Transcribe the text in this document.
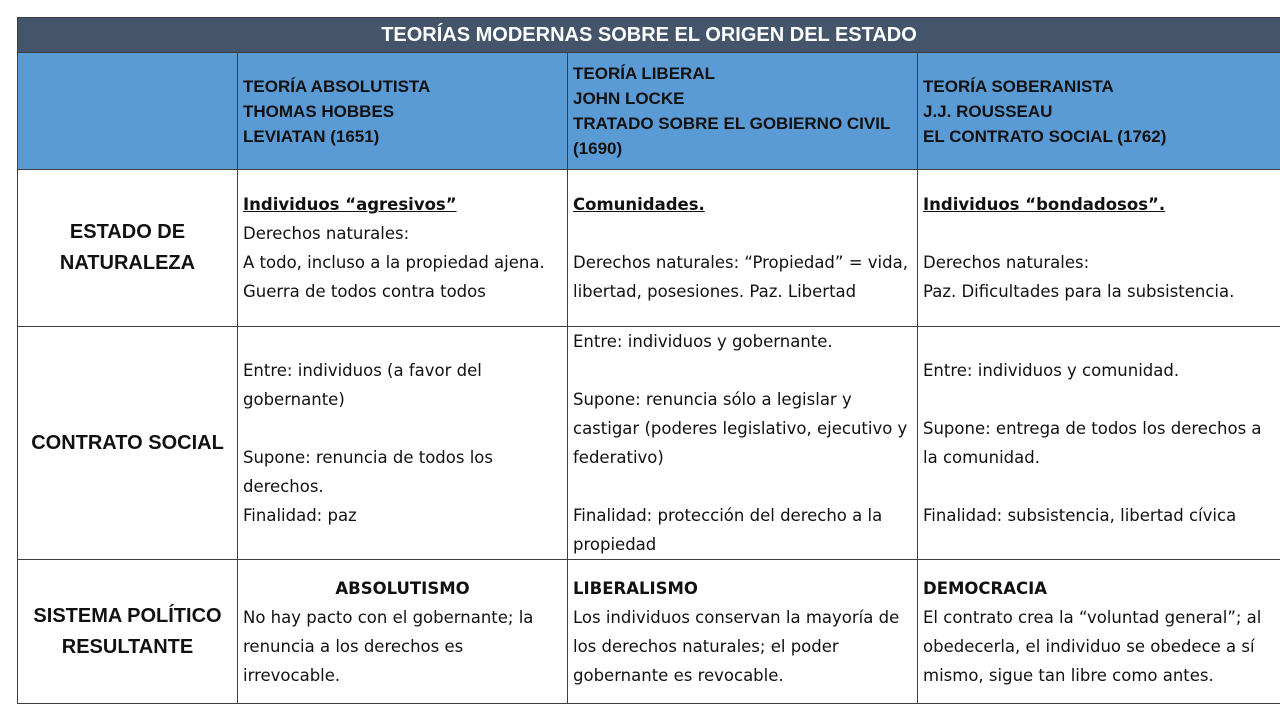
TEORÍAS MODERNAS SOBRE EL ORIGEN DEL ESTADO			

	TEORÍA ABSOLUTISTA
THOMAS HOBBES
LEVIATAN (1651)	TEORÍA LIBERAL
JOHN LOCKE
TRATADO SOBRE EL GOBIERNO CIVIL (1690)	TEORÍA SOBERANISTA
J.J. ROUSSEAU
EL CONTRATO SOCIAL (1762)

ESTADO DE NATURALEZA	Individuos “agresivos”
Derechos naturales:
A todo, incluso a la propiedad ajena.
Guerra de todos contra todos	Comunidades.
Derechos naturales: “Propiedad” = vida, libertad, posesiones. Paz. Libertad	Individuos “bondadosos”.
Derechos naturales:
Paz. Dificultades para la subsistencia.

CONTRATO SOCIAL	Entre: individuos (a favor del gobernante)
Supone: renuncia de todos los derechos.
Finalidad: paz	Entre: individuos y gobernante.
Supone: renuncia sólo a legislar y castigar (poderes legislativo, ejecutivo y federativo)
Finalidad: protección del derecho a la propiedad	Entre: individuos y comunidad.
Supone: entrega de todos los derechos a la comunidad.
Finalidad: subsistencia, libertad cívica

SISTEMA POLÍTICO RESULTANTE	ABSOLUTISMO
No hay pacto con el gobernante; la renuncia a los derechos es irrevocable.	LIBERALISMO
Los individuos conservan la mayoría de los derechos naturales; el poder gobernante es revocable.	DEMOCRACIA
El contrato crea la “voluntad general”; al obedecerla, el individuo se obedece a sí mismo, sigue tan libre como antes.
